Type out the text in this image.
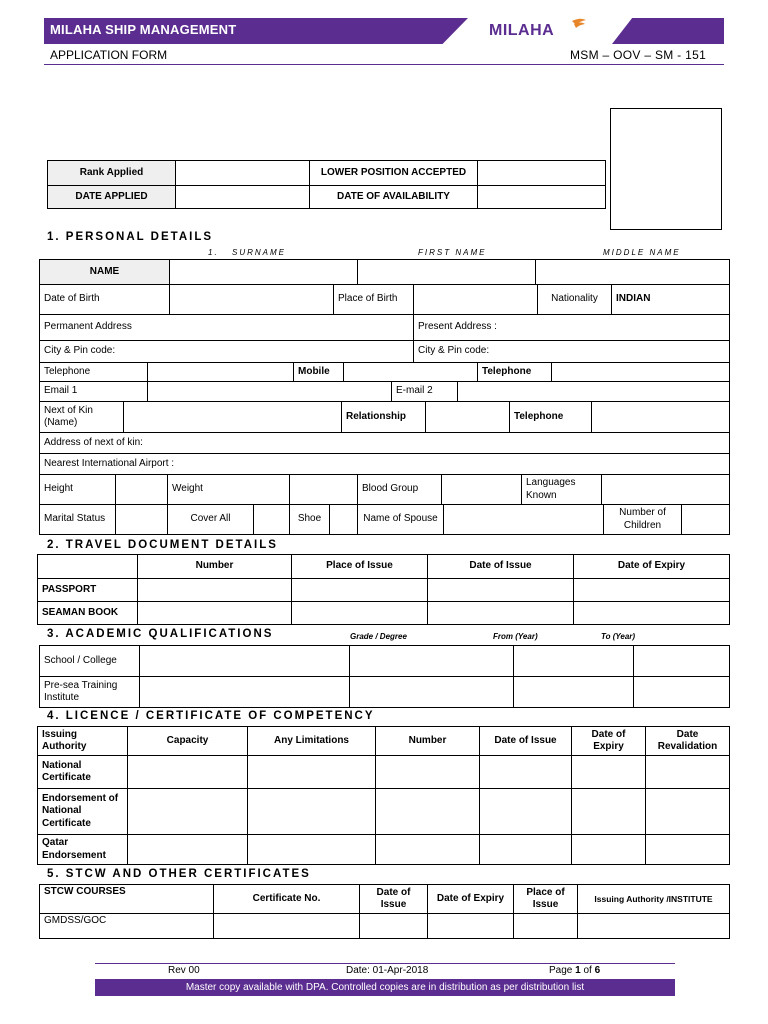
MILAHA SHIP MANAGEMENT	MILAHA
APPLICATION FORM	MSM – OOV – SM - 151
Rank Applied		LOWER POSITION ACCEPTED	
DATE APPLIED		DATE OF AVAILABILITY	
1. PERSONAL DETAILS
1. SURNAME	FIRST NAME	MIDDLE NAME
NAME			
Date of Birth		Place of Birth		Nationality	INDIAN
Permanent Address	Present Address :
City & Pin code:	City & Pin code:
Telephone		Mobile		Telephone	
Email 1		E-mail 2	
Next of Kin (Name)		Relationship		Telephone	
Address of next of kin:
Nearest International Airport :
Height		Weight		Blood Group		Languages Known	
Marital Status		Cover All		Shoe		Name of Spouse		Number of Children	
2. TRAVEL DOCUMENT DETAILS
	Number	Place of Issue	Date of Issue	Date of Expiry
PASSPORT				
SEAMAN BOOK				
3. ACADEMIC QUALIFICATIONS	Grade / Degree	From (Year)	To (Year)
School / College				
Pre-sea Training Institute				
4. LICENCE / CERTIFICATE OF COMPETENCY
Issuing Authority	Capacity	Any Limitations	Number	Date of Issue	Date of Expiry	Date Revalidation
National Certificate						
Endorsement of National Certificate						
Qatar Endorsement						
5. STCW AND OTHER CERTIFICATES
STCW COURSES	Certificate No.	Date of Issue	Date of Expiry	Place of Issue	Issuing Authority /INSTITUTE
GMDSS/GOC					
Rev 00	Date: 01-Apr-2018	Page 1 of 6
Master copy available with DPA. Controlled copies are in distribution as per distribution list
